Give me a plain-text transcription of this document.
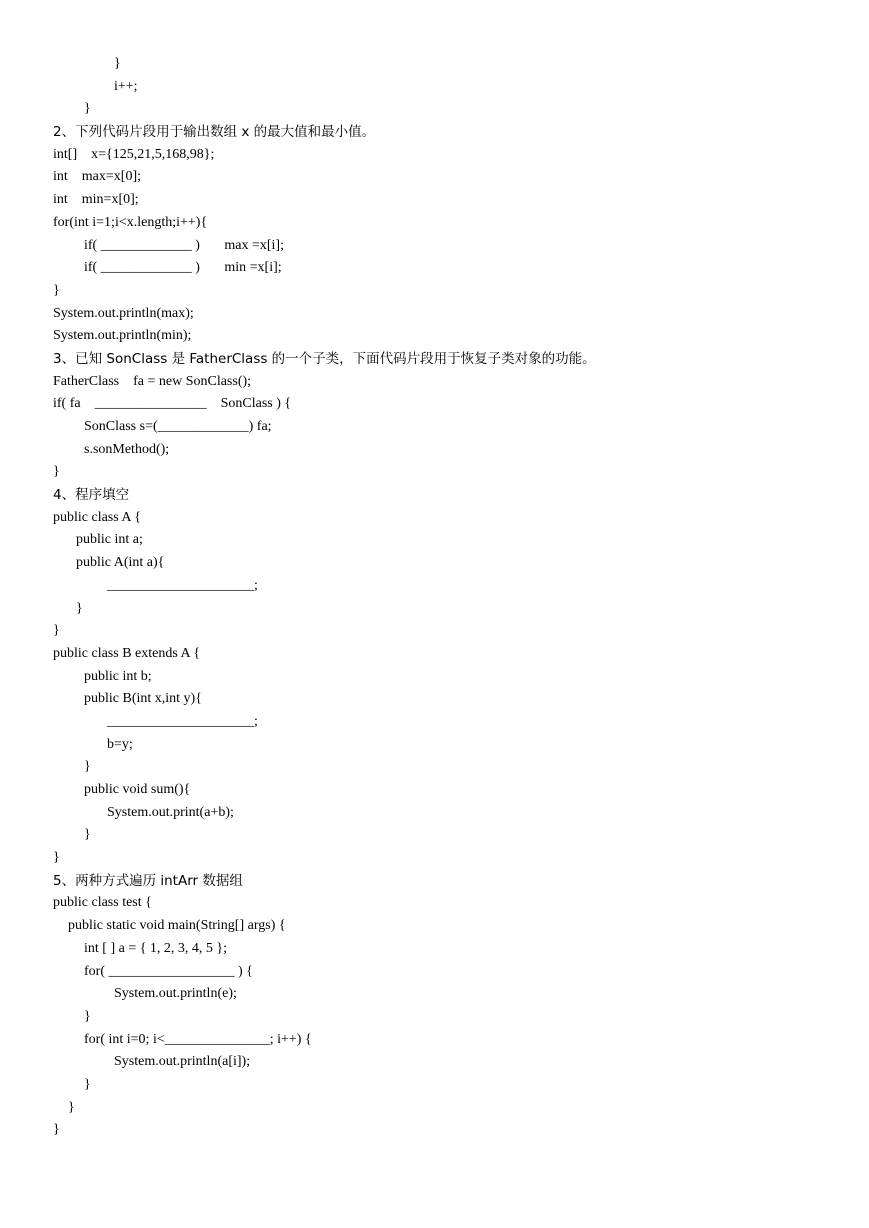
}
i++;
}
2、下列代码片段用于输出数组 x 的最大值和最小值。
int[]    x={125,21,5,168,98};
int    max=x[0];
int    min=x[0];
for(int i=1;i<x.length;i++){
if( _____________ )       max =x[i];
if( _____________ )       min =x[i];
}
System.out.println(max);
System.out.println(min);
3、已知 SonClass 是 FatherClass 的一个子类，下面代码片段用于恢复子类对象的功能。
FatherClass    fa = new SonClass();
if( fa    ________________    SonClass ) {
SonClass s=(_____________) fa;
s.sonMethod();
}
4、程序填空
public class A {
public int a;
public A(int a){
_____________________;
}
}
public class B extends A {
public int b;
public B(int x,int y){
_____________________;
b=y;
}
public void sum(){
System.out.print(a+b);
}
}
5、两种方式遍历 intArr 数据组
public class test {
public static void main(String[] args) {
int [ ] a = { 1, 2, 3, 4, 5 };
for( __________________ ) {
System.out.println(e);
}
for( int i=0; i<_______________; i++) {
System.out.println(a[i]);
}
}
}
